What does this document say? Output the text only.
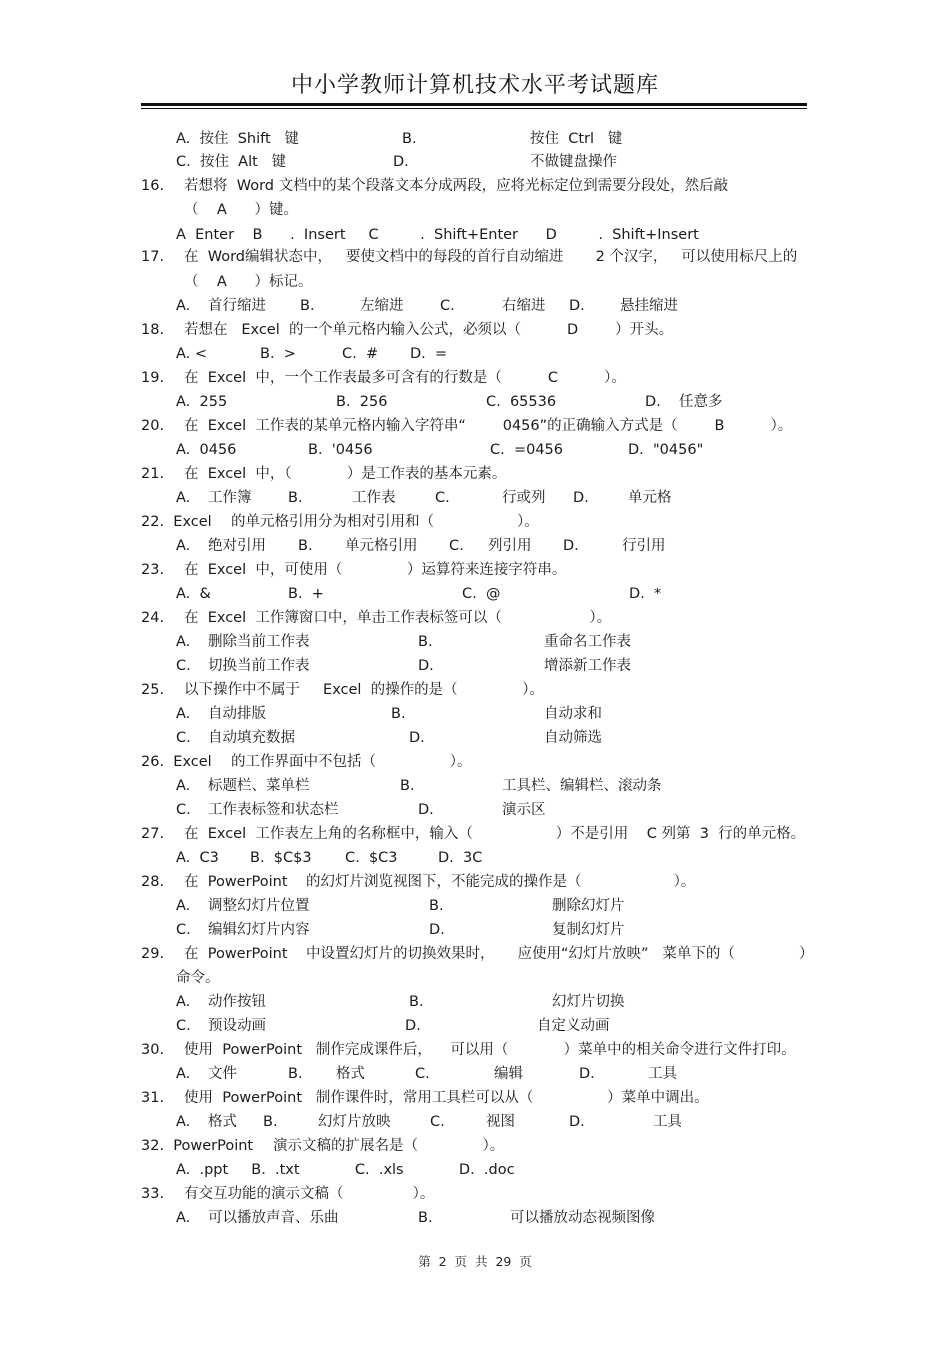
中小学教师计算机技术水平考试题库
A.  按住  Shift   键	B.	按住  Ctrl   键
C.  按住  Alt   键	D.	不做键盘操作
16. 若想将  Word 文档中的某个段落文本分成两段，应将光标定位到需要分段处，然后敲
（    A      ）键。
A  Enter    B      .  Insert     C         .  Shift+Enter      D         .  Shift+Insert
17. 在  Word编辑状态中，   要使文档中的每段的首行自动缩进       2 个汉字，   可以使用标尺上的
（    A      ）标记。
A. 首行缩进 B.	左缩进	C.	右缩进 D. 悬挂缩进
18. 若想在   Excel  的一个单元格内输入公式，必须以（          D        ）开头。
A. <	B.  >	C.  # D.  =
19. 在  Excel  中，一个工作表最多可含有的行数是（          C          ）。
A.  255	B.  256	C.  65536	D. 任意多
20. 在  Excel  工作表的某单元格内输入字符串“        0456”的正确输入方式是（        B          ）。
A.  0456	B.  '0456	C.  =0456	D.  "0456"
21. 在  Excel  中，（            ）是工作表的基本元素。
A. 工作簿	B.	工作表	C.	行或列 D.	单元格
22.  Excel 的单元格引用分为相对引用和（                  ）。
A. 绝对引用 B. 单元格引用 C. 列引用 D.	行引用
23. 在  Excel  中，可使用（              ）运算符来连接字符串。
A.  &	B.  +	C.  @	D.  *
24. 在  Excel  工作簿窗口中，单击工作表标签可以（                   ）。
A. 删除当前工作表	B.	重命名工作表
C. 切换当前工作表	D.	增添新工作表
25. 以下操作中不属于     Excel  的操作的是（              ）。
A. 自动排版	B.	自动求和
C. 自动填充数据	D.	自动筛选
26.  Excel 的工作界面中不包括（                ）。
A. 标题栏、菜单栏	B.	工具栏、编辑栏、滚动条
C. 工作表标签和状态栏	D.	演示区
27. 在  Excel  工作表左上角的名称框中，输入（                  ）不是引用    C 列第  3  行的单元格。
A.  C3 B.  $C$3 C.  $C3	D.  3C
28. 在  PowerPoint    的幻灯片浏览视图下，不能完成的操作是（                    ）。
A. 调整幻灯片位置	B.	删除幻灯片
C. 编辑幻灯片内容	D.	复制幻灯片
29. 在  PowerPoint    中设置幻灯片的切换效果时，     应使用“幻灯片放映”   菜单下的（	）
命令。
A. 动作按钮	B.	幻灯片切换
C. 预设动画	D.	自定义动画
30. 使用  PowerPoint   制作完成课件后，    可以用（            ）菜单中的相关命令进行文件打印。
A. 文件	B. 格式	C.	编辑	D.	工具
31. 使用  PowerPoint   制作课件时，常用工具栏可以从（                ）菜单中调出。
A. 格式 B.	幻灯片放映	C.	视图	D.	工具
32.  PowerPoint 演示文稿的扩展名是（              ）。
A.  .ppt     B.  .txt            C.  .xls            D.  .doc
33. 有交互功能的演示文稿（               ）。
A. 可以播放声音、乐曲	B.	可以播放动态视频图像
第  2  页  共  29  页
